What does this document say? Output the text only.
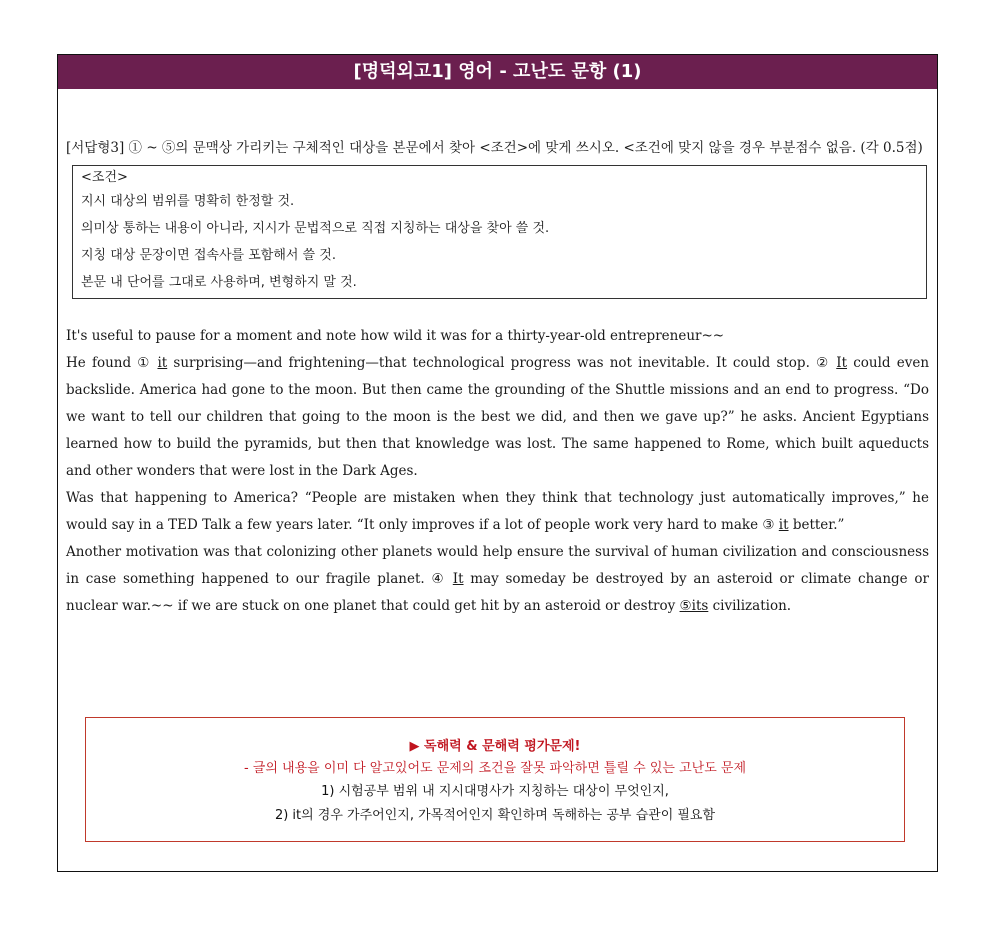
[명덕외고1] 영어 - 고난도 문항 (1)

[서답형3] ① ~ ⑤의 문맥상 가리키는 구체적인 대상을 본문에서 찾아 <조건>에 맞게 쓰시오. <조건에 맞지 않을 경우 부분점수 없음. (각 0.5점)

<조건>
지시 대상의 범위를 명확히 한정할 것.
의미상 통하는 내용이 아니라, 지시가 문법적으로 직접 지칭하는 대상을 찾아 쓸 것.
지칭 대상 문장이면 접속사를 포함해서 쓸 것.
본문 내 단어를 그대로 사용하며, 변형하지 말 것.

It's useful to pause for a moment and note how wild it was for a thirty-year-old entrepreneur~~

He found ① it surprising—and frightening—that technological progress was not inevitable. It could stop. ② It could even backslide. America had gone to the moon. But then came the grounding of the Shuttle missions and an end to progress. “Do we want to tell our children that going to the moon is the best we did, and then we gave up?” he asks. Ancient Egyptians learned how to build the pyramids, but then that knowledge was lost. The same happened to Rome, which built aqueducts and other wonders that were lost in the Dark Ages.

Was that happening to America? “People are mistaken when they think that technology just automatically improves,” he would say in a TED Talk a few years later. “It only improves if a lot of people work very hard to make ③ it better.”

Another motivation was that colonizing other planets would help ensure the survival of human civilization and consciousness in case something happened to our fragile planet. ④ It may someday be destroyed by an asteroid or climate change or nuclear war.~~ if we are stuck on one planet that could get hit by an asteroid or destroy ⑤its civilization.

▶ 독해력 & 문해력 평가문제!
- 글의 내용을 이미 다 알고있어도 문제의 조건을 잘못 파악하면 틀릴 수 있는 고난도 문제
1) 시험공부 범위 내 지시대명사가 지칭하는 대상이 무엇인지,
2) it의 경우 가주어인지, 가목적어인지 확인하며 독해하는 공부 습관이 필요함
